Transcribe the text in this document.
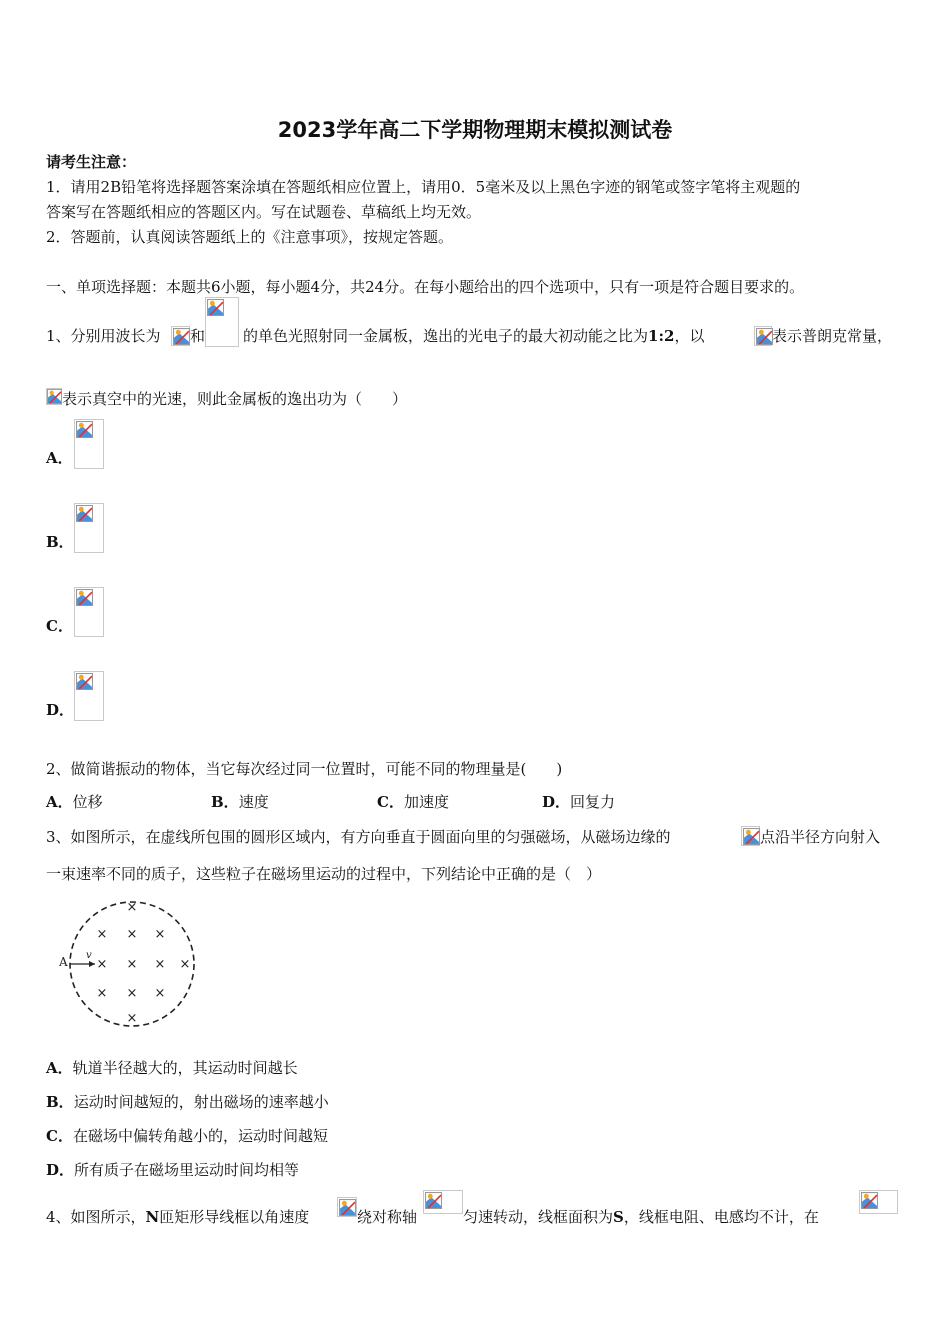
2023学年高二下学期物理期末模拟测试卷
请考生注意：
1．请用2B铅笔将选择题答案涂填在答题纸相应位置上，请用0．5毫米及以上黑色字迹的钢笔或签字笔将主观题的
答案写在答题纸相应的答题区内。写在试题卷、草稿纸上均无效。
2．答题前，认真阅读答题纸上的《注意事项》，按规定答题。
一、单项选择题：本题共6小题，每小题4分，共24分。在每小题给出的四个选项中，只有一项是符合题目要求的。
1、分别用波长为 和	的单色光照射同一金属板，逸出的光电子的最大初动能之比为1:2，以	表示普朗克常量，
表示真空中的光速，则此金属板的逸出功为（　　）
A．
B．
C．
D．
2、做简谐振动的物体，当它每次经过同一位置时，可能不同的物理量是(　　)
A．位移	B．速度	C．加速度	D．回复力
3、如图所示，在虚线所包围的圆形区域内，有方向垂直于圆面向里的匀强磁场，从磁场边缘的	点沿半径方向射入
一束速率不同的质子，这些粒子在磁场里运动的过程中，下列结论中正确的是（　）
×
× ×
×
× × × ×
× × ×
×
A v
A．轨道半径越大的，其运动时间越长
B．运动时间越短的，射出磁场的速率越小
C．在磁场中偏转角越小的，运动时间越短
D．所有质子在磁场里运动时间均相等
4、如图所示，N匝矩形导线框以角速度	绕对称轴	匀速转动，线框面积为S，线框电阻、电感均不计，在
